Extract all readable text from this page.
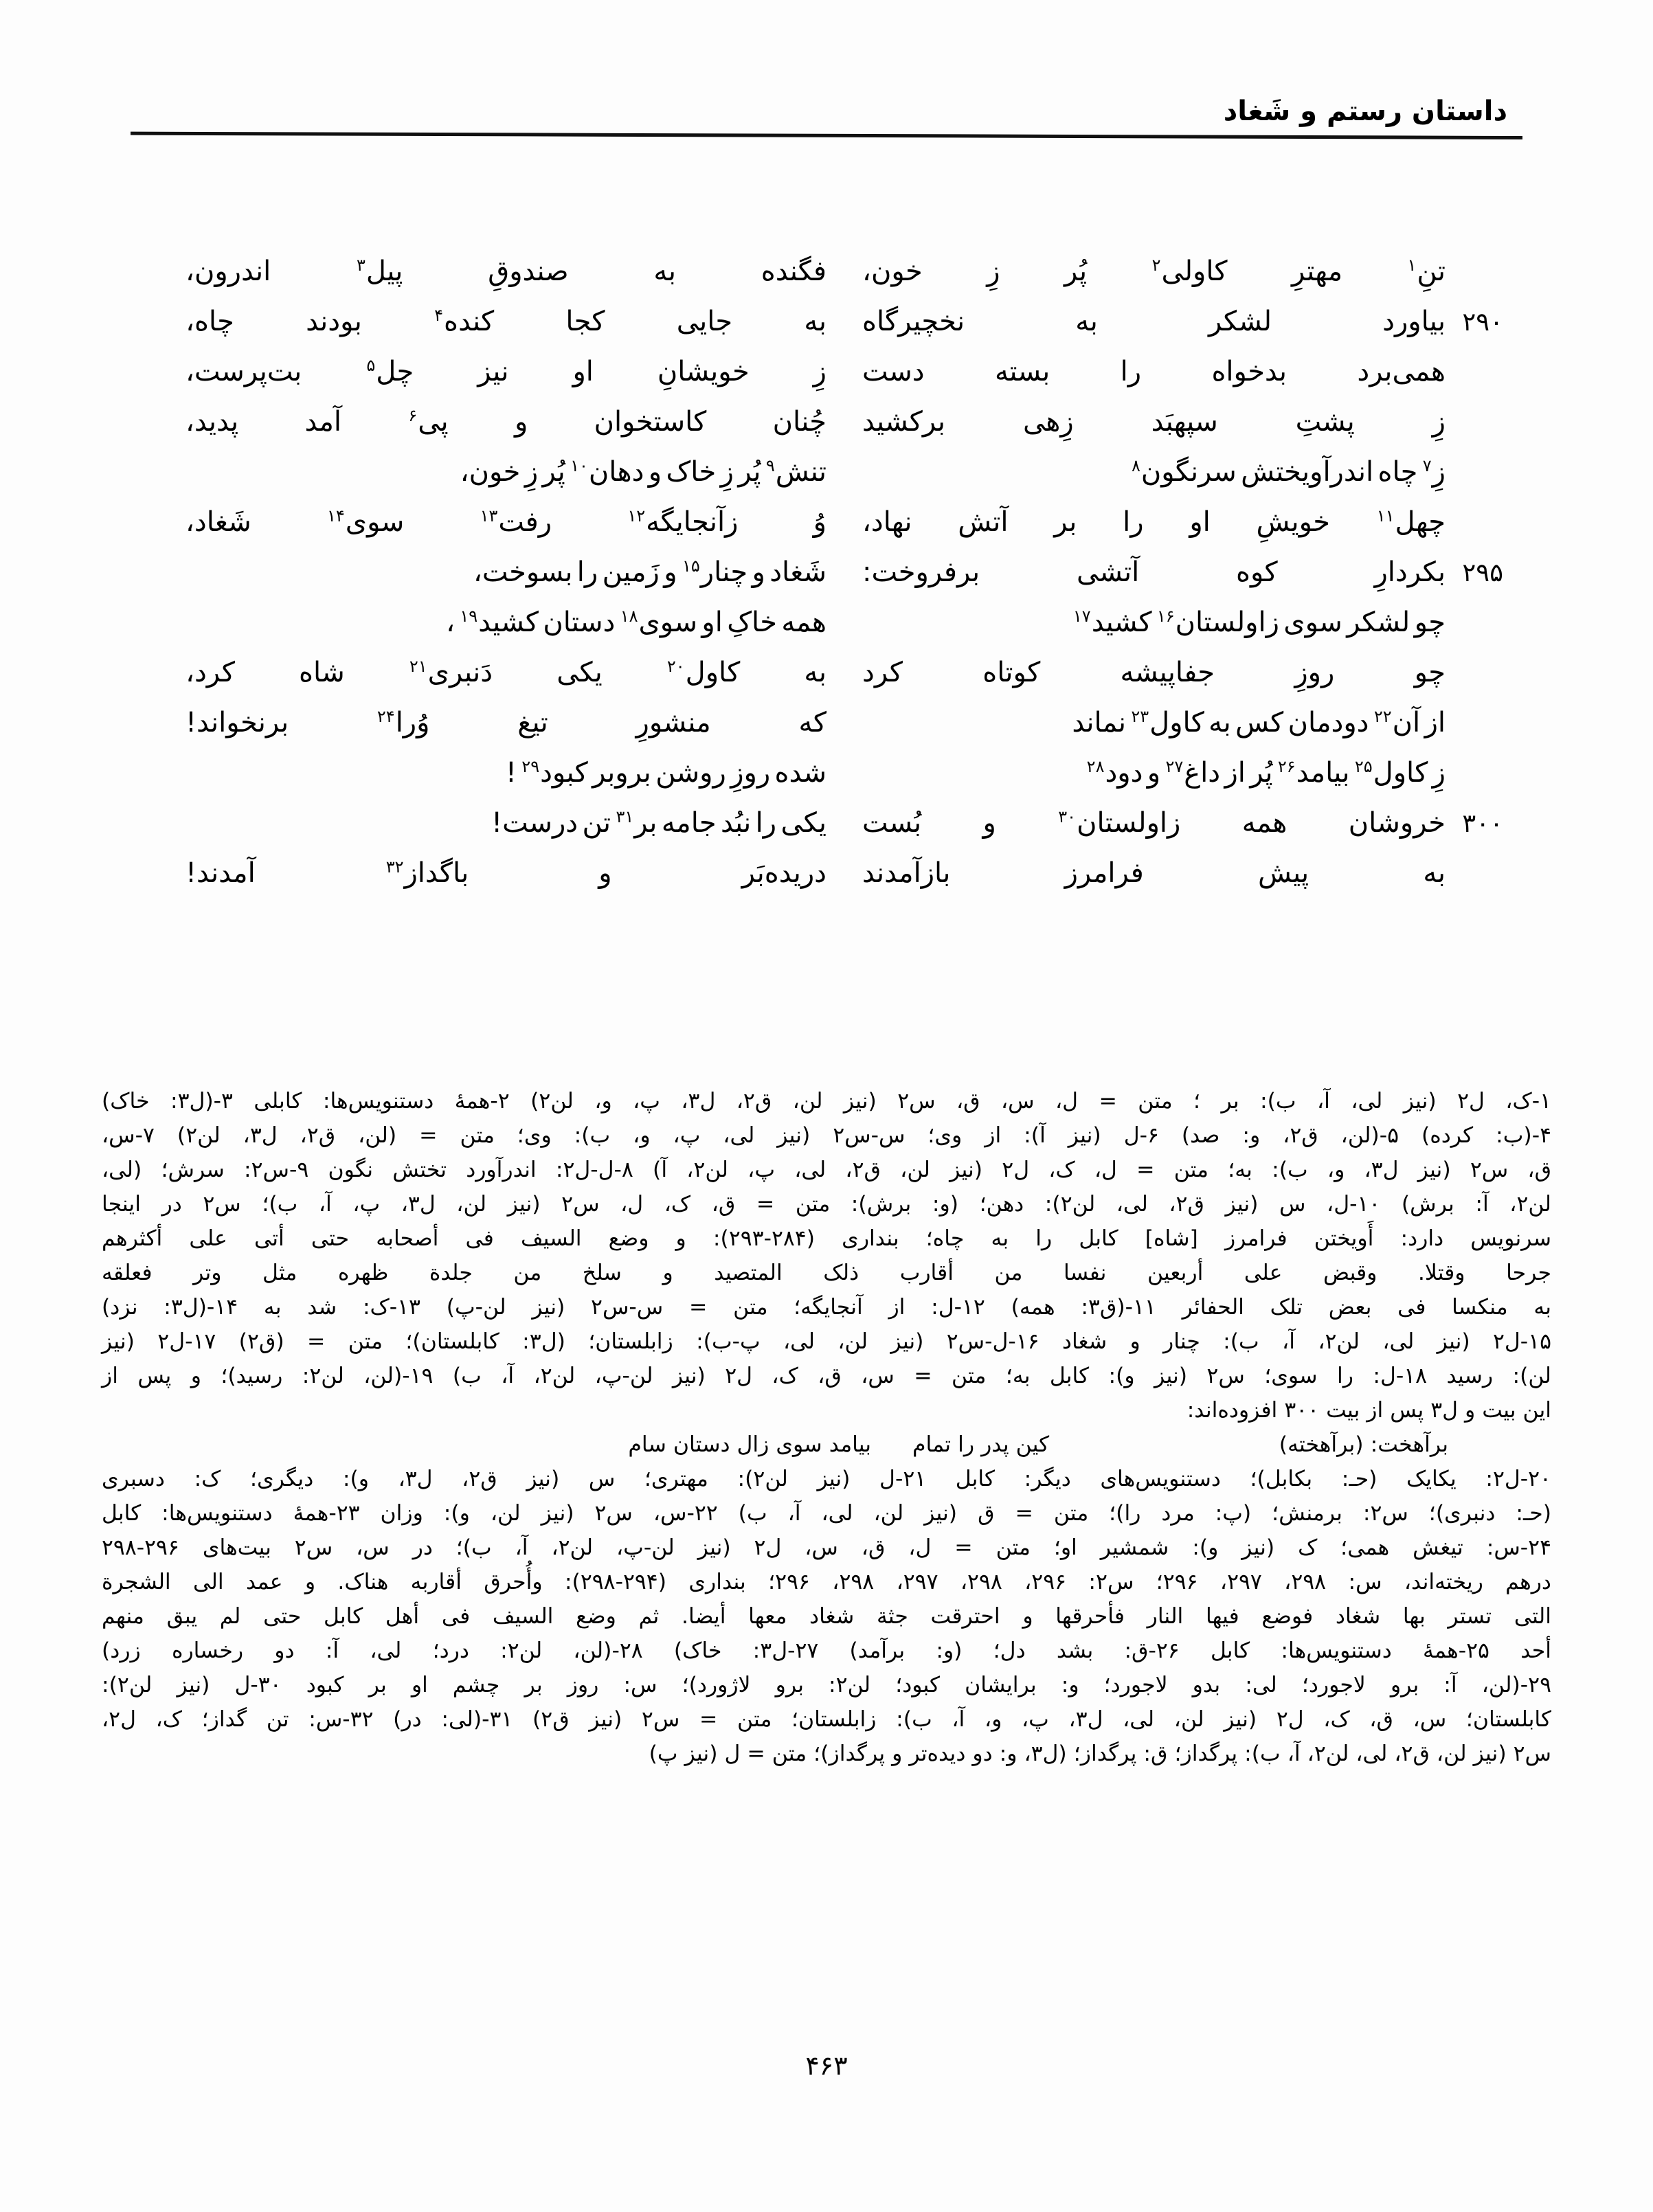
داستان رستم و شَغاد
تنِ$^۱$
مهترِ
کاولی$^۲$
پُر
زِ
خون،
فگنده
به
صندوقِ
پیل$^۳$
اندرون،
۲۹۰
بیاورد
لشکر
به
نخچیرگاه
به
جایی
کجا
کنده$^۴$
بودند
چاه،
همی‌برد
بدخواه
را
بسته
دست
زِ
خویشانِ
او
نیز
چل$^۵$
بت‌پرست،
زِ
پشتِ
سپهبَد
زِهی
برکشید
چُنان
کاستخوان
و
پی$^۶$
آمد
پدید،
زِ$^۷$
چاه
اندرآویختش
سرنگون$^۸$
تنش$^۹$
پُر
زِ
خاک
و
دهان$^{۱۰}$
پُر
زِ
خون،
چهل$^{۱۱}$
خویشِ
او
را
بر
آتش
نهاد،
وُ
زآنجایگه$^{۱۲}$
رفت$^{۱۳}$
سوی$^{۱۴}$
شَغاد،
۲۹۵
بکردارِ
کوه
آتشی
برفروخت:
شَغاد
و
چنار$^{۱۵}$
و
زَمین
را
بسوخت،
چو
لشکر
سوی
زاولستان$^{۱۶}$
کشید$^{۱۷}$
همه
خاکِ
او
سوی$^{۱۸}$
دستان
کشید$^{۱۹}$
،
چو
روزِ
جفاپیشه
کوتاه
کرد
به
کاول$^{۲۰}$
یکی
دَنبری$^{۲۱}$
شاه
کرد،
از
آن$^{۲۲}$
دودمان
کس
به
کاول$^{۲۳}$
نماند
که
منشورِ
تیغ
وُرا$^{۲۴}$
برنخواند!
زِ
کاول$^{۲۵}$
بیامد$^{۲۶}$
پُر
از
داغ$^{۲۷}$
و
دود$^{۲۸}$
شده
روزِ
روشن
بروبر
کبود$^{۲۹}$
!
۳۰۰
خروشان
همه
زاولستان$^{۳۰}$
و
بُست
یکی
را
نبُد
جامه
بر$^{۳۱}$
تن
درست!
به
پیش
فرامرز
بازآمدند
دریده‌بَر
و
باگداز$^{۳۲}$
آمدند!
۱-ک، ل۲ (نیز لی، آ، ب): بر ؛ متن = ل، س، ق، س۲ (نیز لن، ق۲، ل۳، پ، و، لن۲) ۲-همهٔ دستنویس‌ها: کابلی ۳-(ل۳: خاک)
۴-(ب: کرده) ۵-(لن، ق۲، و: صد) ۶-ل (نیز آ): از وی؛ س-س۲ (نیز لی، پ، و، ب): وی؛ متن = (لن، ق۲، ل۳، لن۲) ۷-س،
ق، س۲ (نیز ل۳، و، ب): به؛ متن = ل، ک، ل۲ (نیز لن، ق۲، لی، پ، لن۲، آ) ۸-ل-ل۲: اندرآورد تختش نگون ۹-س۲: سرش؛ (لی،
لن۲، آ: برش) ۱۰-ل، س (نیز ق۲، لی، لن۲): دهن؛ (و: برش): متن = ق، ک، ل، س۲ (نیز لن، ل۳، پ، آ، ب)؛ س۲ در اینجا
سرنویس دارد: أَویختن فرامرز [شاه] کابل را به چاه؛ بنداری (۲۸۴-۲۹۳): و وضع السیف فی أصحابه حتی أتی علی أکثرهم
جرحا وقتلا. وقبض علی أربعین نفسا من أقارب ذلک المتصید و سلخ من جلدة ظهره مثل وتر فعلقه
به منکسا فی بعض تلک الحفائر ۱۱-(ق۳: همه) ۱۲-ل: از آنجایگه؛ متن = س-س۲ (نیز لن-پ) ۱۳-ک: شد به ۱۴-(ل۳: نزد)
۱۵-ل۲ (نیز لی، لن۲، آ، ب): چنار و شغاد ۱۶-ل-س۲ (نیز لن، لی، پ-ب): زابلستان؛ (ل۳: کابلستان)؛ متن = (ق۲) ۱۷-ل۲ (نیز
لن): رسید ۱۸-ل: را سوی؛ س۲ (نیز و): کابل به؛ متن = س، ق، ک، ل۲ (نیز لن-پ، لن۲، آ، ب) ۱۹-(لن، لن۲: رسید)؛ و پس از
این بیت و ل۳ پس از بیت ۳۰۰ افزوده‌اند:
برآهخت: (برآهخته)
کین پدر را تمام
بیامد سوی زال دستان سام
۲۰-ل۲: یکایک (حـ: بکابل)؛ دستنویس‌های دیگر: کابل ۲۱-ل (نیز لن۲): مهتری؛ س (نیز ق۲، ل۳، و): دیگری؛ ک: دسبری
(حـ: دنبری)؛ س۲: برمنش؛ (پ: مرد را)؛ متن = ق (نیز لن، لی، آ، ب) ۲۲-س، س۲ (نیز لن، و): وزان ۲۳-همهٔ دستنویس‌ها: کابل
۲۴-س: تیغش همی؛ ک (نیز و): شمشیر او؛ متن = ل، ق، س، ل۲ (نیز لن-پ، لن۲، آ، ب)؛ در س، س۲ بیت‌های ۲۹۶-۲۹۸
درهم ریخته‌اند، س: ۲۹۸، ۲۹۷، ۲۹۶؛ س۲: ۲۹۶، ۲۹۸، ۲۹۷، ۲۹۸، ۲۹۶؛ بنداری (۲۹۴-۲۹۸): وأُحرق أقاربه هناک. و عمد الی الشجرة
التی تستر بها شغاد فوضع فیها النار فأحرقها و احترقت جثة شغاد معها أیضا. ثم وضع السیف فی أهل کابل حتی لم یبق منهم
أحد ۲۵-همهٔ دستنویس‌ها: کابل ۲۶-ق: بشد دل؛ (و: برآمد) ۲۷-ل۳: خاک) ۲۸-(لن، لن۲: درد؛ لی، آ: دو رخساره زرد)
۲۹-(لن، آ: برو لاجورد؛ لی: بدو لاجورد؛ و: برایشان کبود؛ لن۲: برو لاژورد)؛ س: روز بر چشم او بر کبود ۳۰-ل (نیز لن۲):
کابلستان؛ س، ق، ک، ل۲ (نیز لن، لی، ل۳، پ، و، آ، ب): زابلستان؛ متن = س۲ (نیز ق۲) ۳۱-(لی: در) ۳۲-س: تن گداز؛ ک، ل۲،
س۲ (نیز لن، ق۲، لی، لن۲، آ، ب): پرگداز؛ ق: پرگداز؛ (ل۳، و: دو دیده‌تر و پرگداز)؛ متن = ل (نیز پ)
۴۶۳
